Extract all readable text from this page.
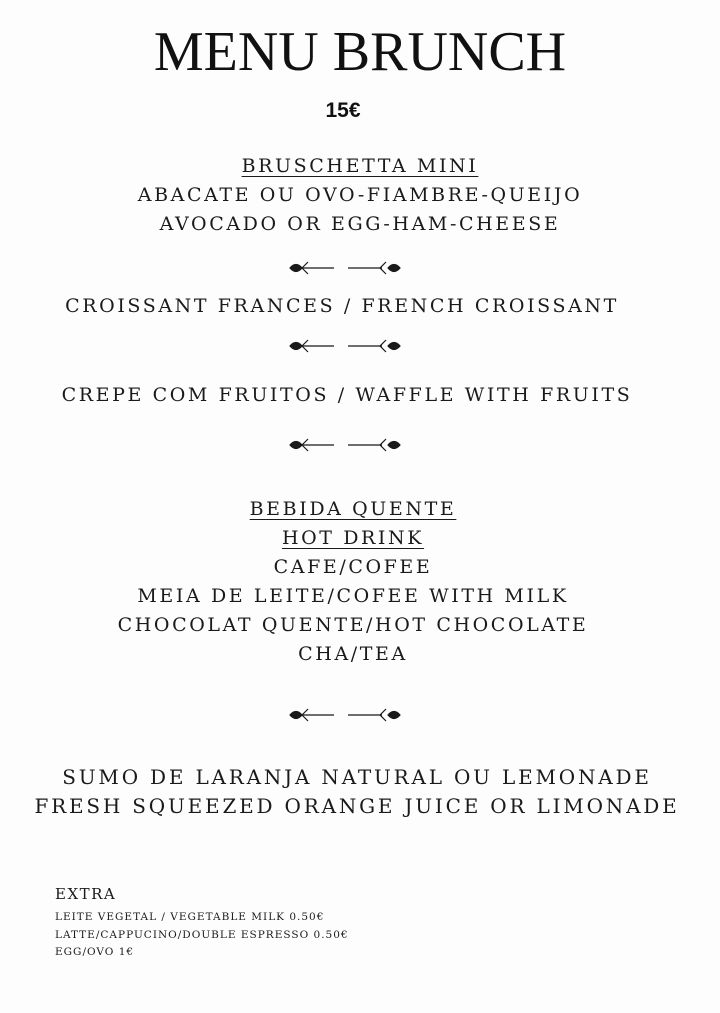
MENU BRUNCH
15€
BRUSCHETTA MINI
ABACATE OU OVO-FIAMBRE-QUEIJO
AVOCADO OR EGG-HAM-CHEESE
CROISSANT FRANCES / FRENCH CROISSANT
CREPE COM FRUITOS / WAFFLE WITH FRUITS
BEBIDA QUENTE
HOT DRINK
CAFE/COFEE
MEIA DE LEITE/COFEE WITH MILK
CHOCOLAT QUENTE/HOT CHOCOLATE
CHA/TEA
SUMO DE LARANJA NATURAL OU LEMONADE
FRESH SQUEEZED ORANGE JUICE OR LIMONADE
EXTRA
LEITE VEGETAL / VEGETABLE MILK 0.50€
LATTE/CAPPUCINO/DOUBLE ESPRESSO 0.50€
EGG/OVO 1€
